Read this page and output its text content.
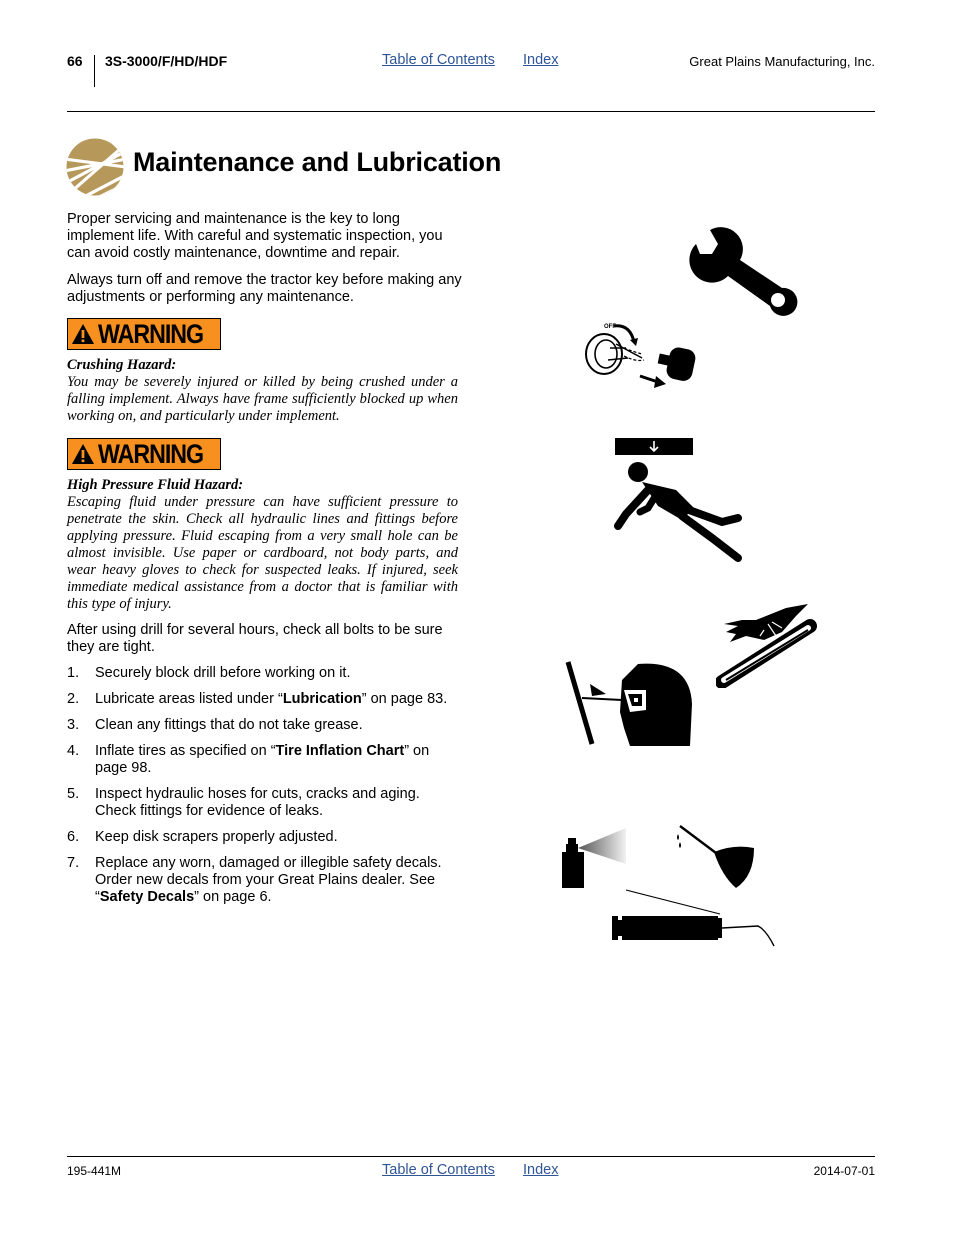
66 3S-3000/F/HD/HDF	Table of Contents Index	Great Plains Manufacturing, Inc.
Maintenance and Lubrication

Proper servicing and maintenance is the key to long implement life. With careful and systematic inspection, you can avoid costly maintenance, downtime and repair.

Always turn off and remove the tractor key before making any adjustments or performing any maintenance.

WARNING
Crushing Hazard:
You may be severely injured or killed by being crushed under a falling implement. Always have frame sufficiently blocked up when working on, and particularly under implement.
WARNING
High Pressure Fluid Hazard:
Escaping fluid under pressure can have sufficient pressure to penetrate the skin. Check all hydraulic lines and fittings before applying pressure. Fluid escaping from a very small hole can be almost invisible. Use paper or cardboard, not body parts, and wear heavy gloves to check for suspected leaks. If injured, seek immediate medical assistance from a doctor that is familiar with this type of injury.
After using drill for several hours, check all bolts to be sure they are tight.
1. Securely block drill before working on it.
2. Lubricate areas listed under “Lubrication” on page 83.
3. Clean any fittings that do not take grease.
4. Inflate tires as specified on “Tire Inflation Chart” on page 98.
5. Inspect hydraulic hoses for cuts, cracks and aging. Check fittings for evidence of leaks.
6. Keep disk scrapers properly adjusted.
7. Replace any worn, damaged or illegible safety decals. Order new decals from your Great Plains dealer. See “Safety Decals” on page 6.
OFF
195-441M	Table of Contents Index	2014-07-01
